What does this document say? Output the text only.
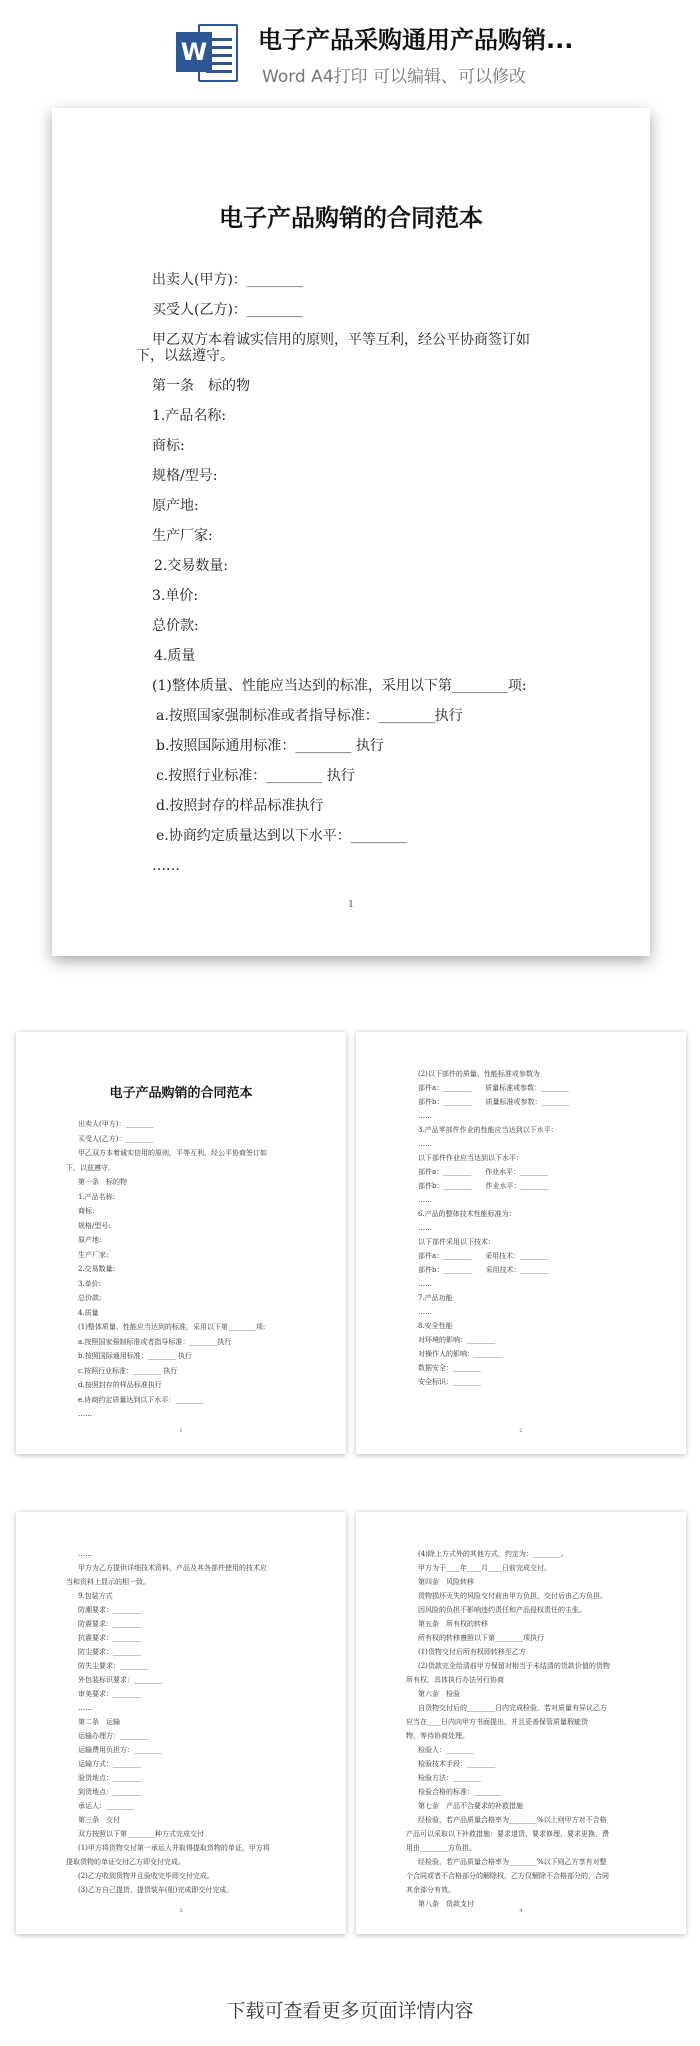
W 电子产品采购通用产品购销...
Word A4打印 可以编辑、可以修改
电子产品购销的合同范本
1
出卖人(甲方)：________
买受人(乙方)：________
甲乙双方本着诚实信用的原则，平等互利，经公平协商签订如
下，以兹遵守。
第一条　标的物
1.产品名称:
商标:
规格/型号:
原产地:
生产厂家:
2.交易数量:
3.单价:
总价款:
4.质量
(1)整体质量、性能应当达到的标准，采用以下第________项:
a.按照国家强制标准或者指导标准：________执行
b.按照国际通用标准：________ 执行
c.按照行业标准：________ 执行
d.按照封存的样品标准执行
e.协商约定质量达到以下水平：________
……
电子产品购销的合同范本
1
出卖人(甲方)：________
买受人(乙方)：________
甲乙双方本着诚实信用的原则，平等互利，经公平协商签订如
下，以兹遵守。
第一条　标的物
1.产品名称:
商标:
规格/型号:
原产地:
生产厂家:
2.交易数量:
3.单价:
总价款:
4.质量
(1)整体质量、性能应当达到的标准，采用以下第________项:
a.按照国家强制标准或者指导标准：________执行
b.按照国际通用标准：________ 执行
c.按照行业标准：________ 执行
d.按照封存的样品标准执行
e.协商约定质量达到以下水平：________
……
2
(2)以下部件的质量、性能标准或参数为
部件a：________　　质量标准或参数：________
部件b：________　　质量标准或参数：________
……
3.产品零部件作业的性能应当达到以下水平：
……
以下部件作业应当达到以下水平：
部件a：________　　作业水平：________
部件b：________　　作业水平：________
……
6.产品的整体技术性能标准为：
……
以下部件采用以下技术：
部件a：________　　采用技术：________
部件b：________　　采用技术：________
……
7.产品功能
……
8.安全性能
对环境的影响：________
对操作人的影响：________
数据安全：________
安全标识：________
3
……
甲方为乙方提供详细技术资料、产品及其各部件使用的技术应
当和资料上显示的相一致。
9.包装方式
防潮要求：________
防震要求：________
抗震要求：________
防尘要求：________
防失尘要求：________
外包装标识要求：________
审美要求：________
……
第二条　运输
运输办理方：________
运输费用负担方：________
运输方式：________
验货地点：________
到货地点：________
承运人：________
第三条　交付
双方按照以下第________种方式完成交付
(1)甲方将货物交付第一承运人并取得提取货物的单证，甲方将
提取货物的单证交付乙方即交付完成。
(2)乙方收到货物并且验收完毕即交付完成。
(3)乙方自己提货，提货装车(船)完成即交付完成。
4
(4)除上方式外的其他方式，约定为：________。
甲方为于____年____月____日前完成交付。
第四条　风险转移
货物损坏灭失的风险交付前由甲方负担，交付后由乙方负担。
因风险的负担不影响违约责任和产品侵权责任的主张。
第五条　所有权的转移
所有权的转移遵照以下第________项执行
(1)货物交付后所有权即转移至乙方
(2)货款完全给清前甲方保留对相当于未结清的货款价值的货物
所有权，具体执行办法另行协商
第六条　检验
自货物交付后的________日内完成检验，若对质量有异议乙方
应当在____日内向甲方书面提出，并且妥善保管质量瑕疵货
物，等待协商处理。
检验人：________
检验技术手段：________
检验方法：________
检验合格的标准：________
第七条　产品不合要求的补救措施
经检验，若产品质量合格率为________%以上则甲方对不合格
产品可以采取以下补救措施：要求退货、要求修理、要求更换、费
用由________方负担。
经检验，若产品质量合格率为________%以下则乙方享有对整
个合同或者不合格部分的解除权，乙方仅解除不合格部分的，合同
其余部分有效。
第八条　货款支付
下载可查看更多页面详情内容
